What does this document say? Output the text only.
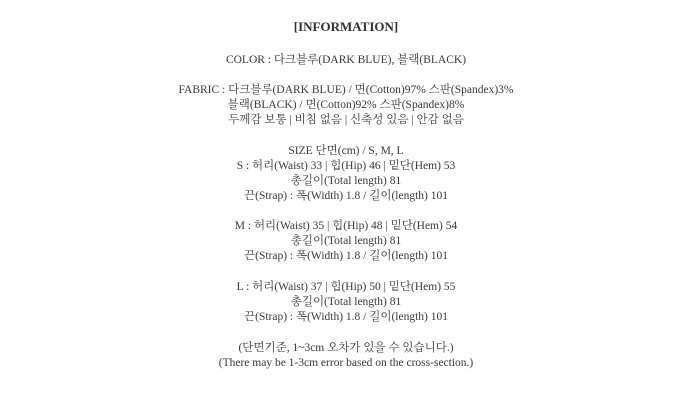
[INFORMATION]
COLOR : 다크블루(DARK BLUE), 블랙(BLACK)
FABRIC : 다크블루(DARK BLUE) / 면(Cotton)97% 스판(Spandex)3%
블랙(BLACK) / 면(Cotton)92% 스판(Spandex)8%
두께감 보통 | 비침 없음 | 신축성 있음 | 안감 없음
SIZE 단면(cm) / S, M, L
S : 허리(Waist) 33 | 힙(Hip) 46 | 밑단(Hem) 53
총길이(Total length) 81
끈(Strap) : 폭(Width) 1.8 / 길이(length) 101
M : 허리(Waist) 35 | 힙(Hip) 48 | 밑단(Hem) 54
총길이(Total length) 81
끈(Strap) : 폭(Width) 1.8 / 길이(length) 101
L : 허리(Waist) 37 | 힙(Hip) 50 | 밑단(Hem) 55
총길이(Total length) 81
끈(Strap) : 폭(Width) 1.8 / 길이(length) 101
(단면기준, 1~3cm 오차가 있을 수 있습니다.)
(There may be 1-3cm error based on the cross-section.)
